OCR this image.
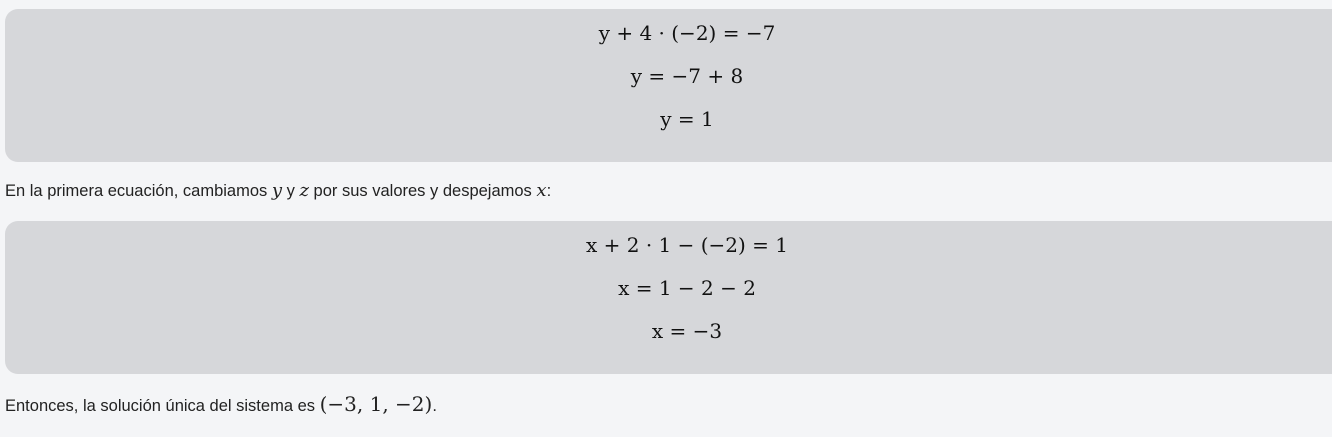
y + 4 · (−2) = −7
y = −7 + 8
y = 1
En la primera ecuación, cambiamos y y z por sus valores y despejamos x:
x + 2 · 1 − (−2) = 1
x = 1 − 2 − 2
x = −3
Entonces, la solución única del sistema es (−3, 1, −2).
